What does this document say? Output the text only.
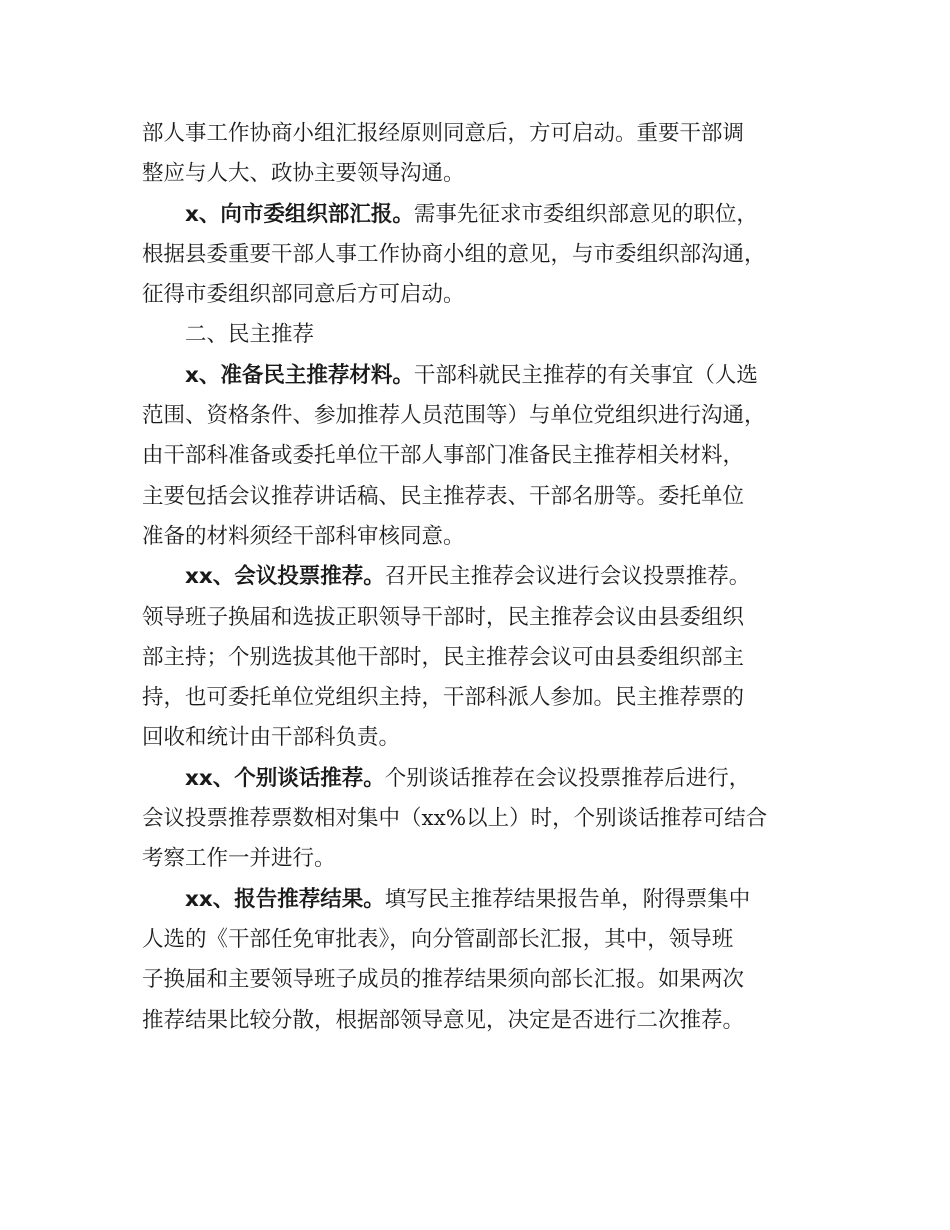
部人事工作协商小组汇报经原则同意后，方可启动。重要干部调
整应与人大、政协主要领导沟通。
x、向市委组织部汇报。需事先征求市委组织部意见的职位，
根据县委重要干部人事工作协商小组的意见，与市委组织部沟通，
征得市委组织部同意后方可启动。
二、民主推荐
x、准备民主推荐材料。干部科就民主推荐的有关事宜（人选
范围、资格条件、参加推荐人员范围等）与单位党组织进行沟通，
由干部科准备或委托单位干部人事部门准备民主推荐相关材料，
主要包括会议推荐讲话稿、民主推荐表、干部名册等。委托单位
准备的材料须经干部科审核同意。
xx、会议投票推荐。召开民主推荐会议进行会议投票推荐。
领导班子换届和选拔正职领导干部时，民主推荐会议由县委组织
部主持；个别选拔其他干部时，民主推荐会议可由县委组织部主
持，也可委托单位党组织主持，干部科派人参加。民主推荐票的
回收和统计由干部科负责。
xx、个别谈话推荐。个别谈话推荐在会议投票推荐后进行，
会议投票推荐票数相对集中（xx%以上）时，个别谈话推荐可结合
考察工作一并进行。
xx、报告推荐结果。填写民主推荐结果报告单，附得票集中
人选的《干部任免审批表》，向分管副部长汇报，其中，领导班
子换届和主要领导班子成员的推荐结果须向部长汇报。如果两次
推荐结果比较分散，根据部领导意见，决定是否进行二次推荐。
